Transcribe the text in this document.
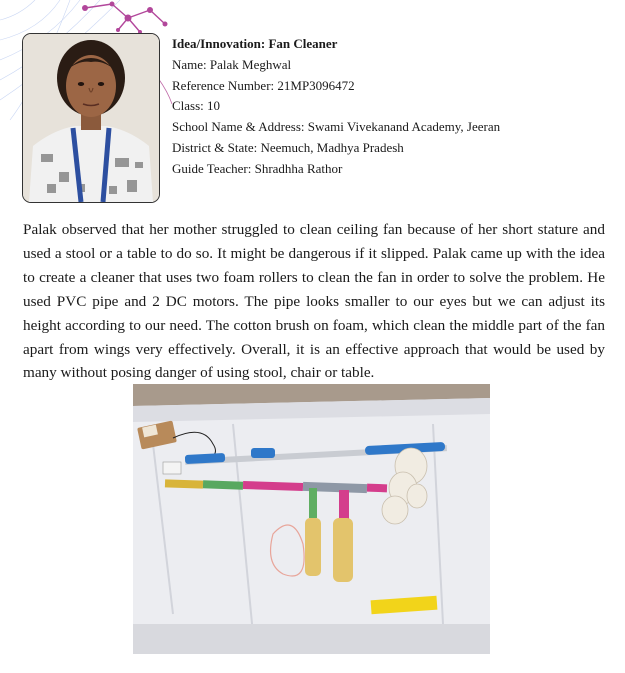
Idea/Innovation: Fan Cleaner
Name: Palak Meghwal
Reference Number: 21MP3096472
Class: 10
School Name & Address: Swami Vivekanand Academy, Jeeran
District & State: Neemuch, Madhya Pradesh
Guide Teacher: Shradhha Rathor

Palak observed that her mother struggled to clean ceiling fan because of her short stature and used a stool or a table to do so. It might be dangerous if it slipped. Palak came up with the idea to create a cleaner that uses two foam rollers to clean the fan in order to solve the problem. He used PVC pipe and 2 DC motors. The pipe looks smaller to our eyes but we can adjust its height according to our need. The cotton brush on foam, which clean the middle part of the fan apart from wings very effectively. Overall, it is an effective approach that would be used by many without posing danger of using stool, chair or table.
